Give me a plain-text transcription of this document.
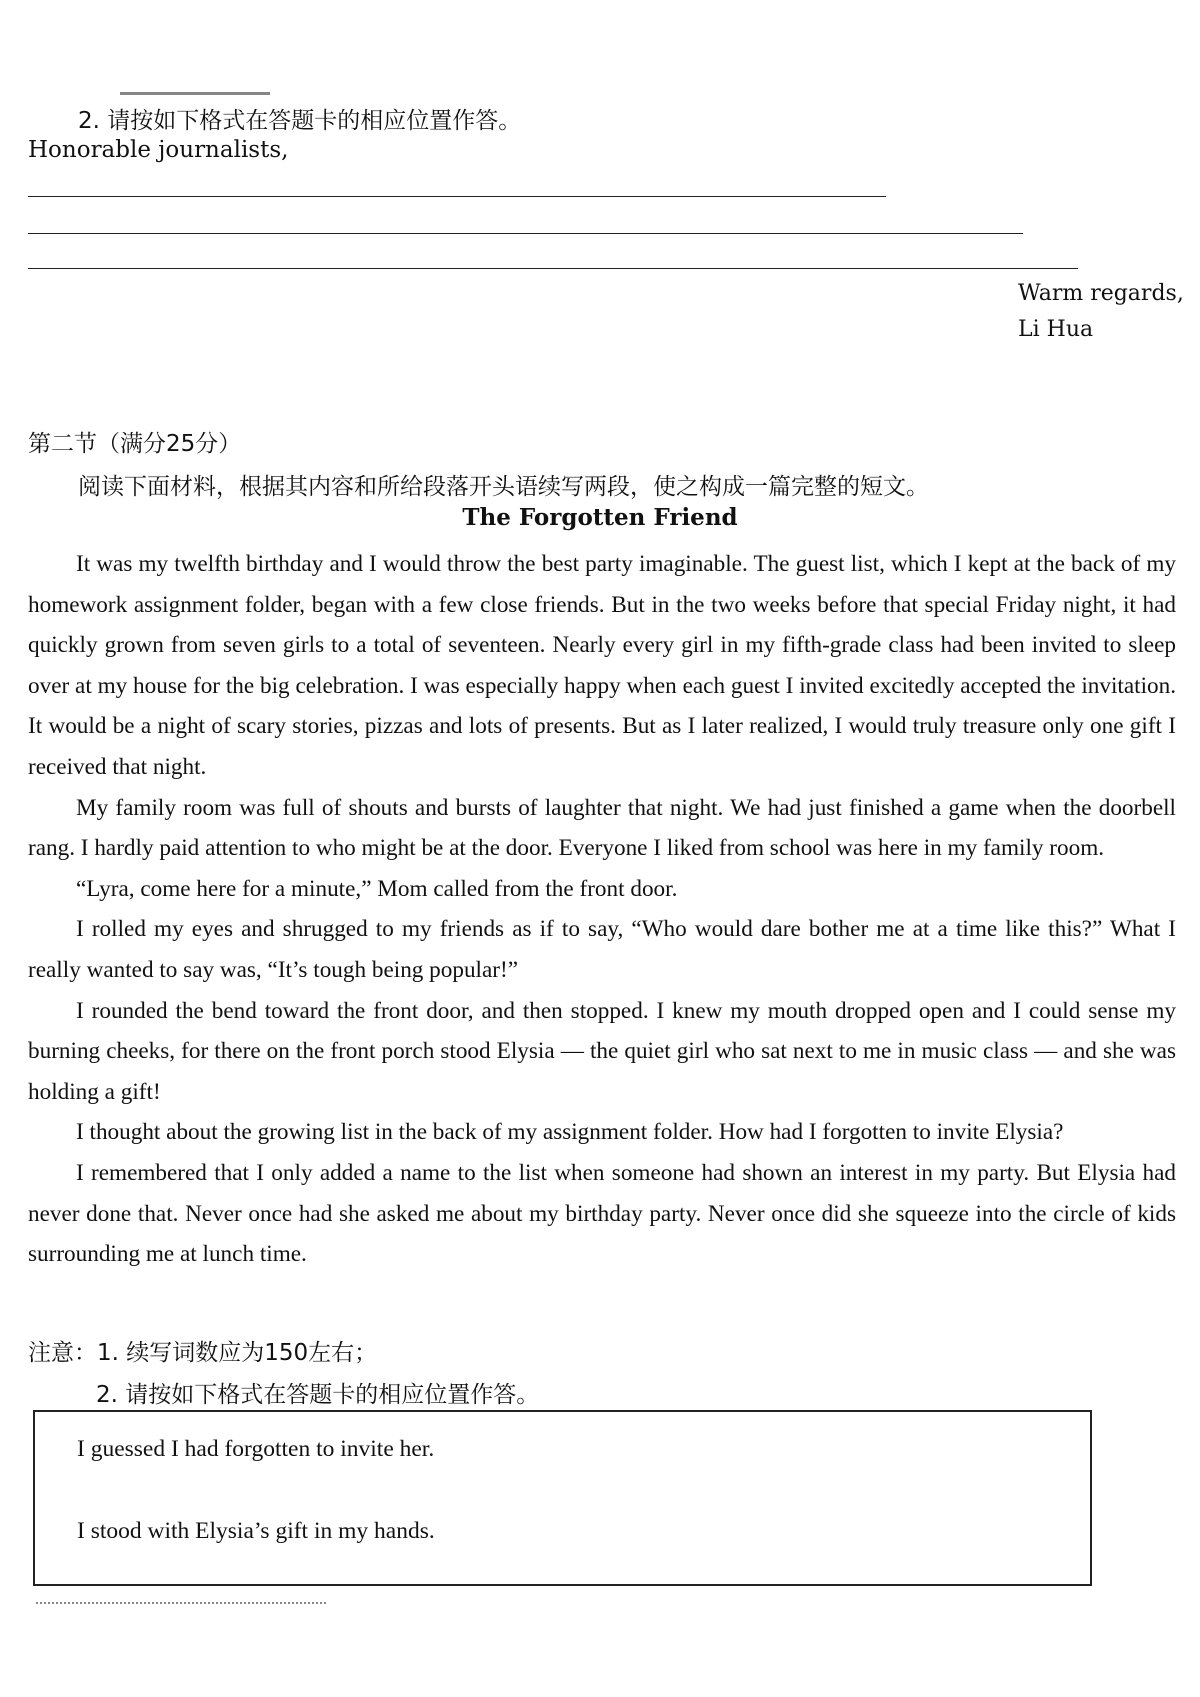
2. 请按如下格式在答题卡的相应位置作答。
Honorable journalists,
Warm regards,
Li Hua
第二节（满分25分）
阅读下面材料，根据其内容和所给段落开头语续写两段，使之构成一篇完整的短文。
The Forgotten Friend

It was my twelfth birthday and I would throw the best party imaginable. The guest list, which I kept at the back of my homework assignment folder, began with a few close friends. But in the two weeks before that special Friday night, it had quickly grown from seven girls to a total of seventeen. Nearly every girl in my fifth-grade class had been invited to sleep over at my house for the big celebration. I was especially happy when each guest I invited excitedly accepted the invitation. It would be a night of scary stories, pizzas and lots of presents. But as I later realized, I would truly treasure only one gift I received that night.

My family room was full of shouts and bursts of laughter that night. We had just finished a game when the doorbell rang. I hardly paid attention to who might be at the door. Everyone I liked from school was here in my family room.

“Lyra, come here for a minute,” Mom called from the front door.

I rolled my eyes and shrugged to my friends as if to say, “Who would dare bother me at a time like this?” What I really wanted to say was, “It’s tough being popular!”

I rounded the bend toward the front door, and then stopped. I knew my mouth dropped open and I could sense my burning cheeks, for there on the front porch stood Elysia — the quiet girl who sat next to me in music class — and she was holding a gift!

I thought about the growing list in the back of my assignment folder. How had I forgotten to invite Elysia?

I remembered that I only added a name to the list when someone had shown an interest in my party. But Elysia had never done that. Never once had she asked me about my birthday party. Never once did she squeeze into the circle of kids surrounding me at lunch time.

注意：1. 续写词数应为150左右；
2. 请按如下格式在答题卡的相应位置作答。
I guessed I had forgotten to invite her.
I stood with Elysia’s gift in my hands.
